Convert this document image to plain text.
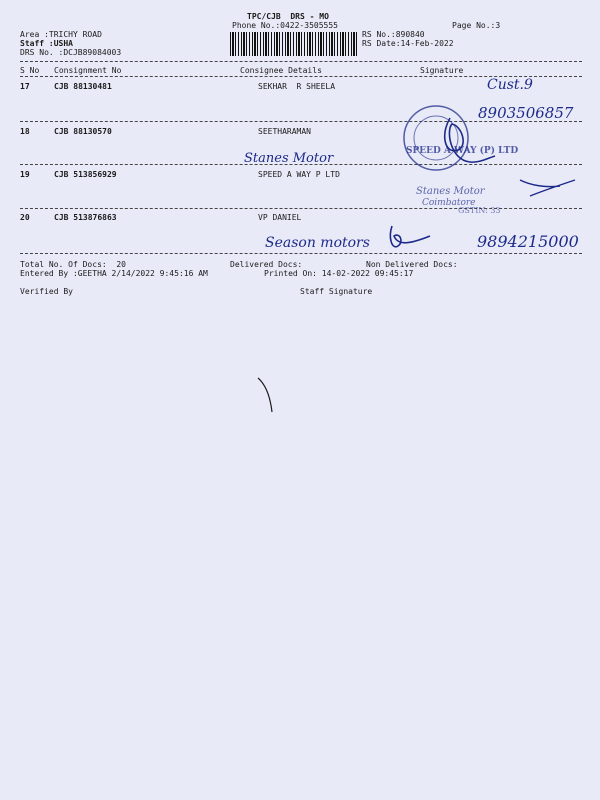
TPC/CJB  DRS - MO
Phone No.:0422-3505555	Page No.:3
Area :TRICHY ROAD
Staff :USHA
DRS No. :DCJB89084003
RS No.:890840
RS Date:14-Feb-2022
S No Consignment No	Consignee Details	Signature
17	CJB 88130481	SEKHAR  R SHEELA
18	CJB 88130570	SEETHARAMAN
19	CJB 513856929	SPEED A WAY P LTD
20	CJB 513876863	VP DANIEL
Cust.9
8903506857
Stanes Motor
Season motors	9894215000
SPEED A WAY (P) LTD
Stanes Motor
Coimbatore
GSTIN: 33
Total No. Of Docs:  20	Delivered Docs:	Non Delivered Docs:
Entered By :GEETHA 2/14/2022 9:45:16 AM	Printed On: 14-02-2022 09:45:17
Verified By	Staff Signature
